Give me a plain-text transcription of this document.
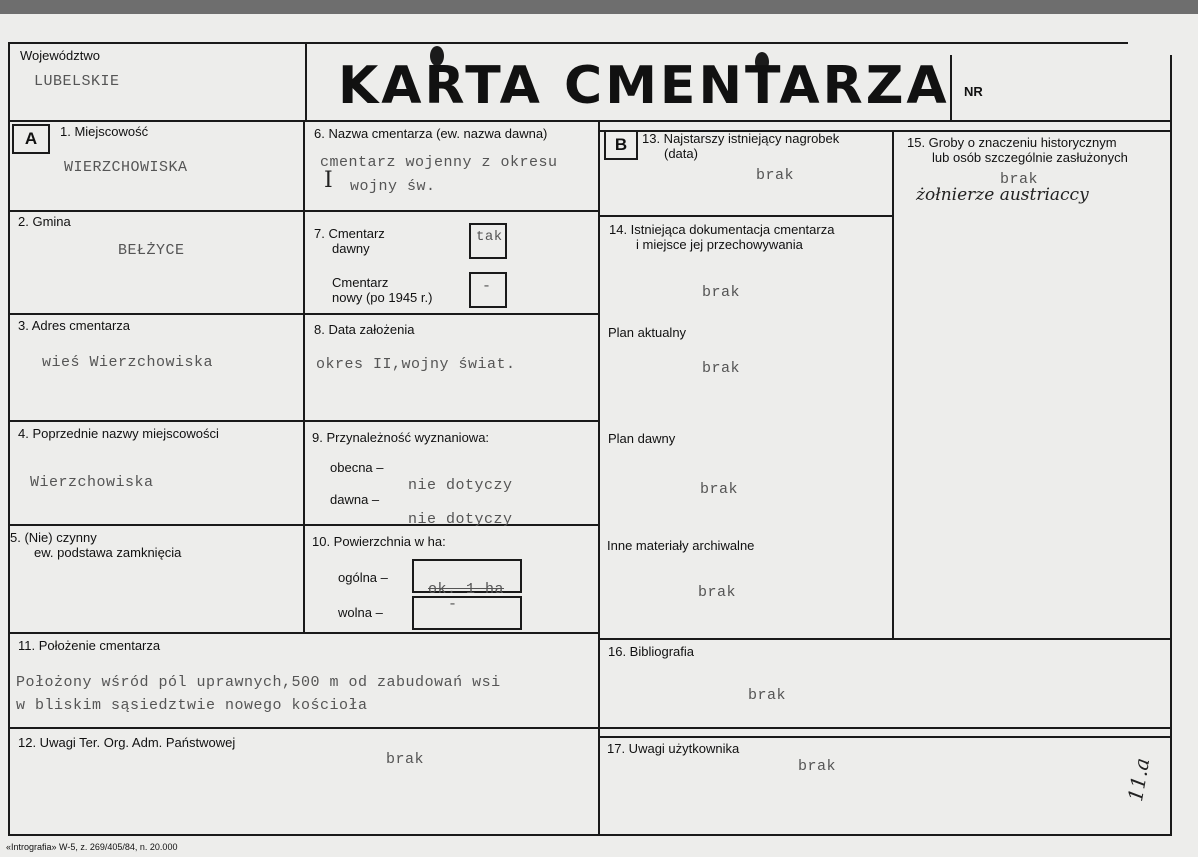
Województwo
LUBELSKIE	KARTA CMENTARZA NR
A	1. Miejscowość
WIERZCHOWISKA
2. Gmina
BEŁŻYCE
3. Adres cmentarza
wieś Wierzchowiska
4. Poprzednie nazwy miejscowości
Wierzchowiska
5. (Nie) czynny
ew. podstawa zamknięcia
6. Nazwa cmentarza (ew. nazwa dawna)
cmentarz wojenny z okresu
I wojny św.
7. Cmentarz
dawny
tak
Cmentarz
nowy (po 1945 r.)
-
8. Data założenia
okres II,wojny świat.
9. Przynależność wyznaniowa:
obecna –
nie dotyczy
dawna –
nie dotyczy
10. Powierzchnia w ha:
ogólna –
ok. 1 ha
wolna –	-
11. Położenie cmentarza
Położony wśród pól uprawnych,500 m od zabudowań wsi
w bliskim sąsiedztwie nowego kościoła
12. Uwagi Ter. Org. Adm. Państwowej
brak
B	13. Najstarszy istniejący nagrobek
(data)
brak
14. Istniejąca dokumentacja cmentarza
i miejsce jej przechowywania
brak
Plan aktualny
brak
Plan dawny
brak
Inne materiały archiwalne
brak
15. Groby o znaczeniu historycznym
lub osób szczególnie zasłużonych
brak
żołnierze austriaccy
16. Bibliografia
brak
17. Uwagi użytkownika
brak	11.a
«Intrografia» W-5, z. 269/405/84, n. 20.000
